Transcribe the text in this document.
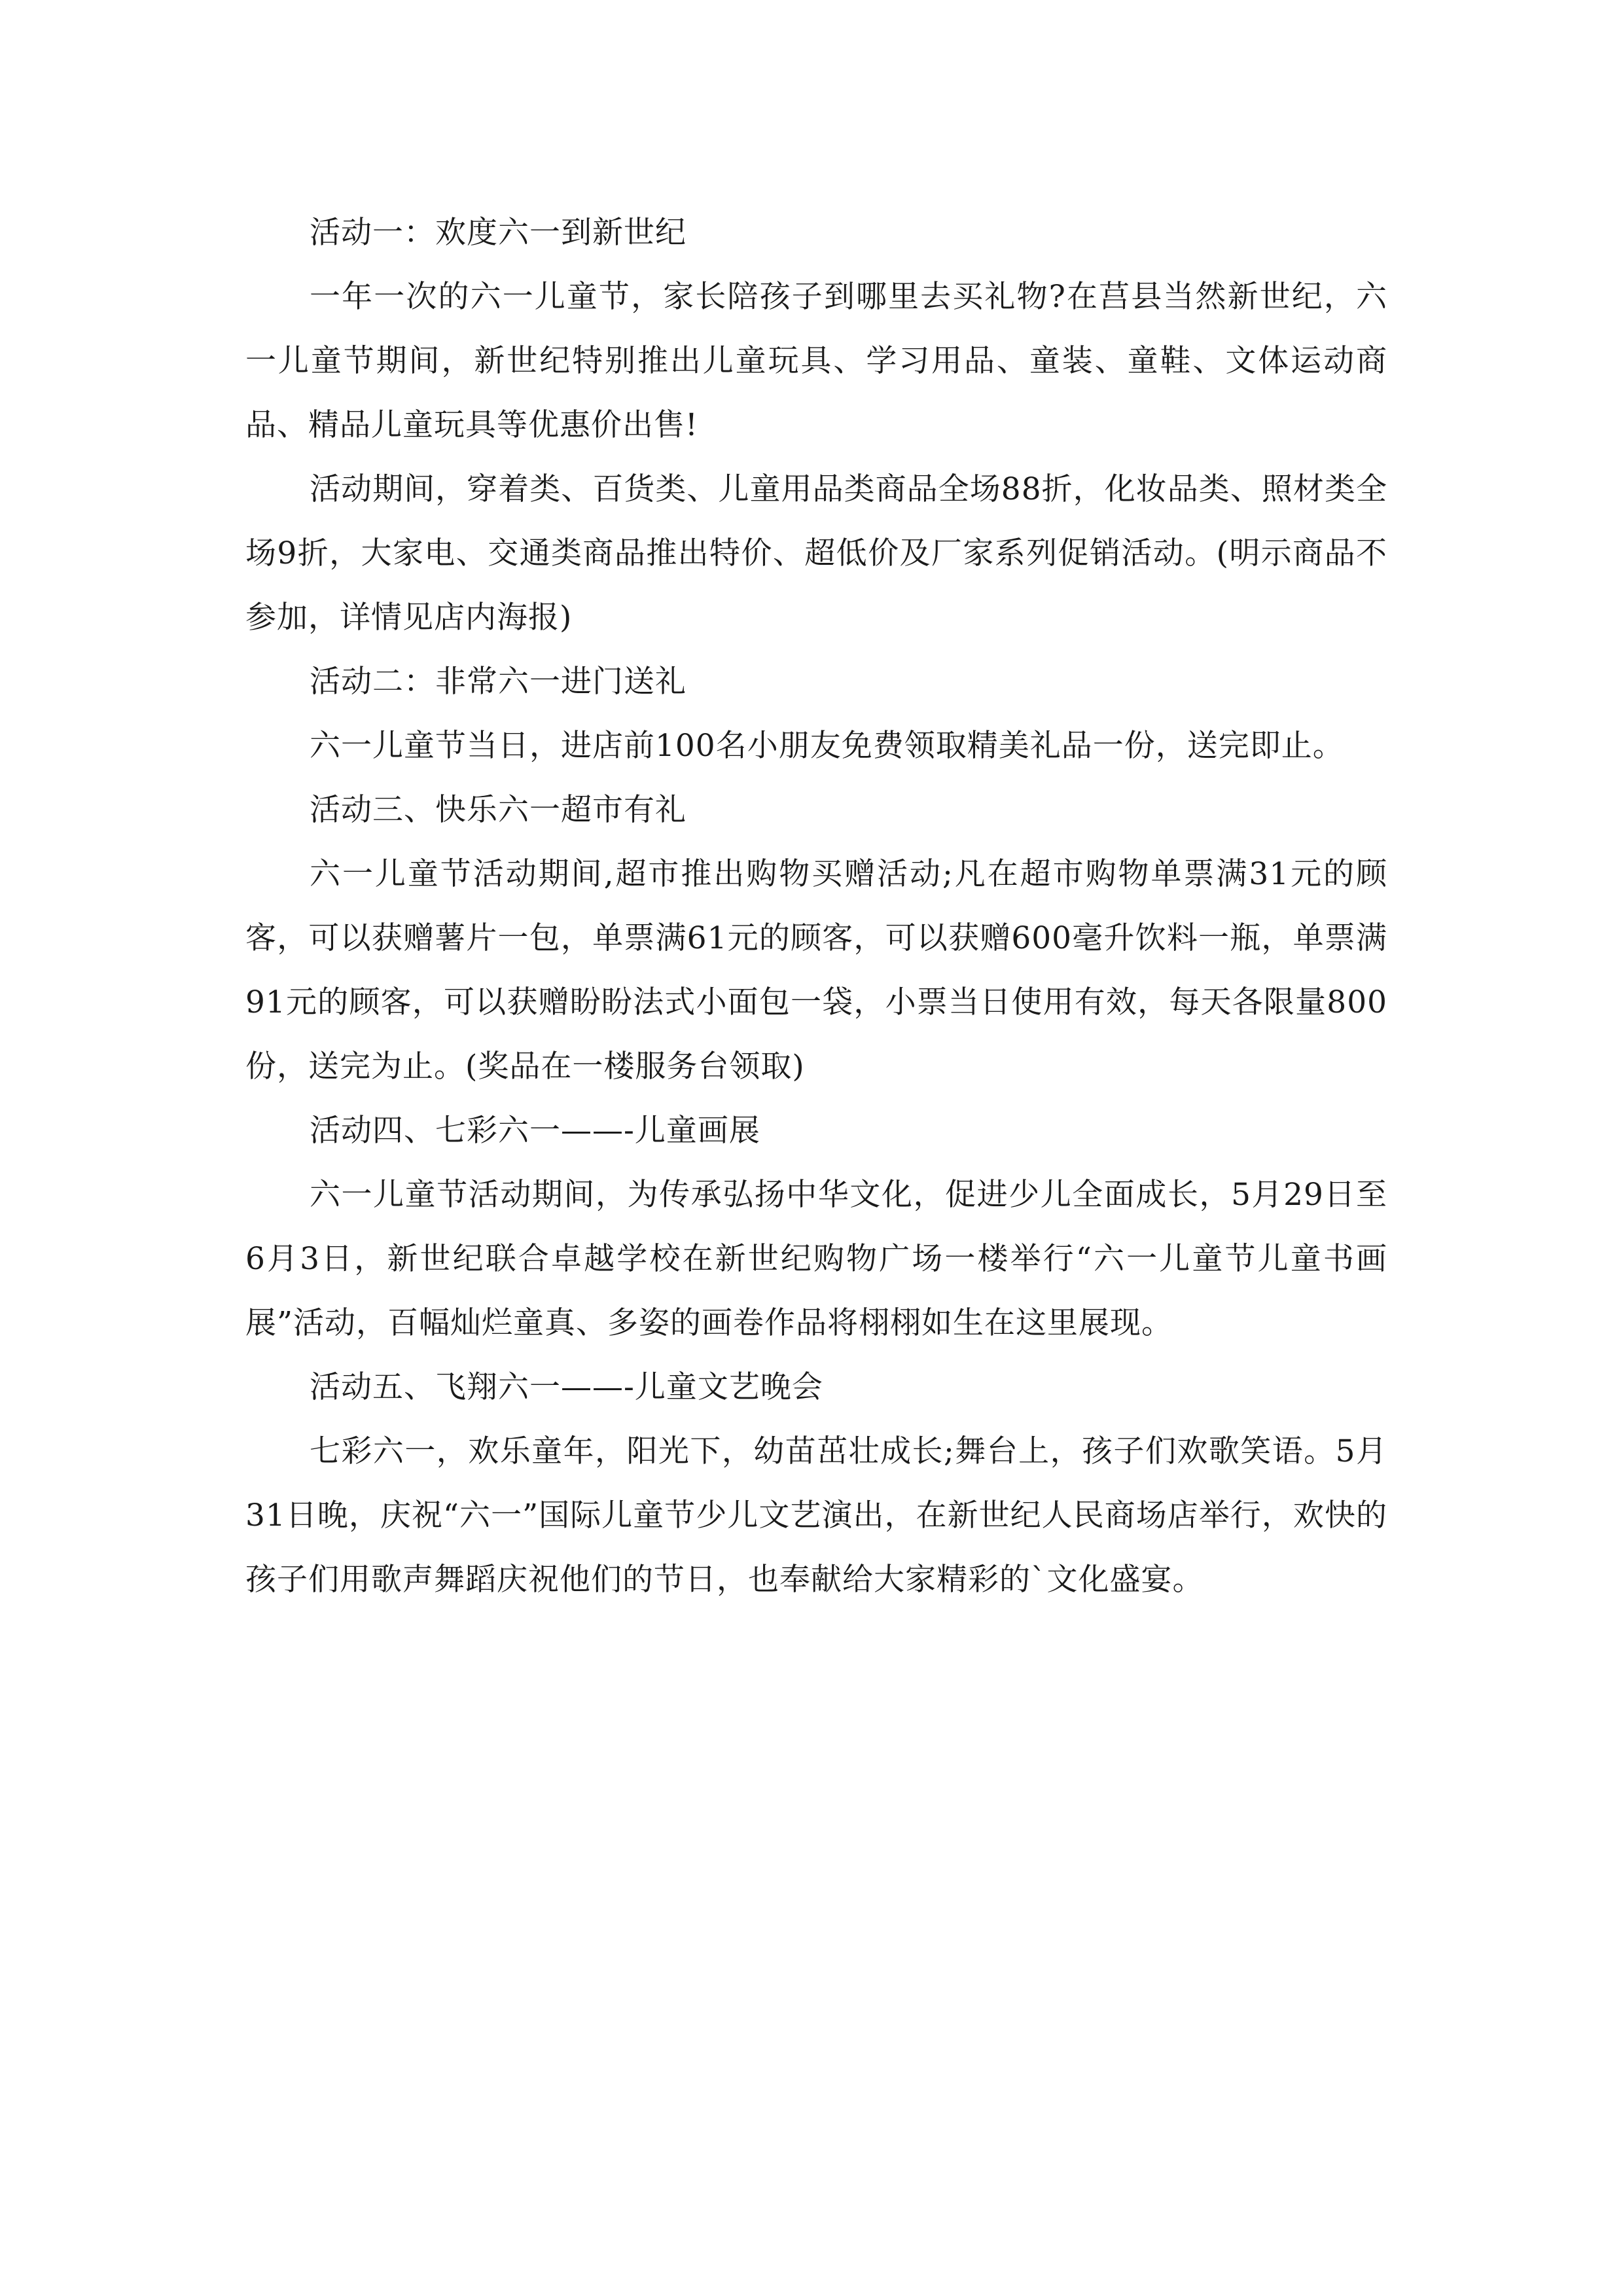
活动一：欢度六一到新世纪

一年一次的六一儿童节，家长陪孩子到哪里去买礼物?在莒县当然新世纪，六一儿童节期间，新世纪特别推出儿童玩具、学习用品、童装、童鞋、文体运动商品、精品儿童玩具等优惠价出售!

活动期间，穿着类、百货类、儿童用品类商品全场88折，化妆品类、照材类全场9折，大家电、交通类商品推出特价、超低价及厂家系列促销活动。(明示商品不参加，详情见店内海报)

活动二：非常六一进门送礼

六一儿童节当日，进店前100名小朋友免费领取精美礼品一份，送完即止。

活动三、快乐六一超市有礼

六一儿童节活动期间,超市推出购物买赠活动;凡在超市购物单票满31元的顾客，可以获赠薯片一包，单票满61元的顾客，可以获赠600毫升饮料一瓶，单票满91元的顾客，可以获赠盼盼法式小面包一袋，小票当日使用有效，每天各限量800份，送完为止。(奖品在一楼服务台领取)

活动四、七彩六一——-儿童画展

六一儿童节活动期间，为传承弘扬中华文化，促进少儿全面成长，5月29日至6月3日，新世纪联合卓越学校在新世纪购物广场一楼举行“六一儿童节儿童书画展”活动，百幅灿烂童真、多姿的画卷作品将栩栩如生在这里展现。

活动五、飞翔六一——-儿童文艺晚会

七彩六一，欢乐童年，阳光下，幼苗茁壮成长;舞台上，孩子们欢歌笑语。5月31日晚，庆祝“六一”国际儿童节少儿文艺演出，在新世纪人民商场店举行，欢快的孩子们用歌声舞蹈庆祝他们的节日，也奉献给大家精彩的`文化盛宴。
